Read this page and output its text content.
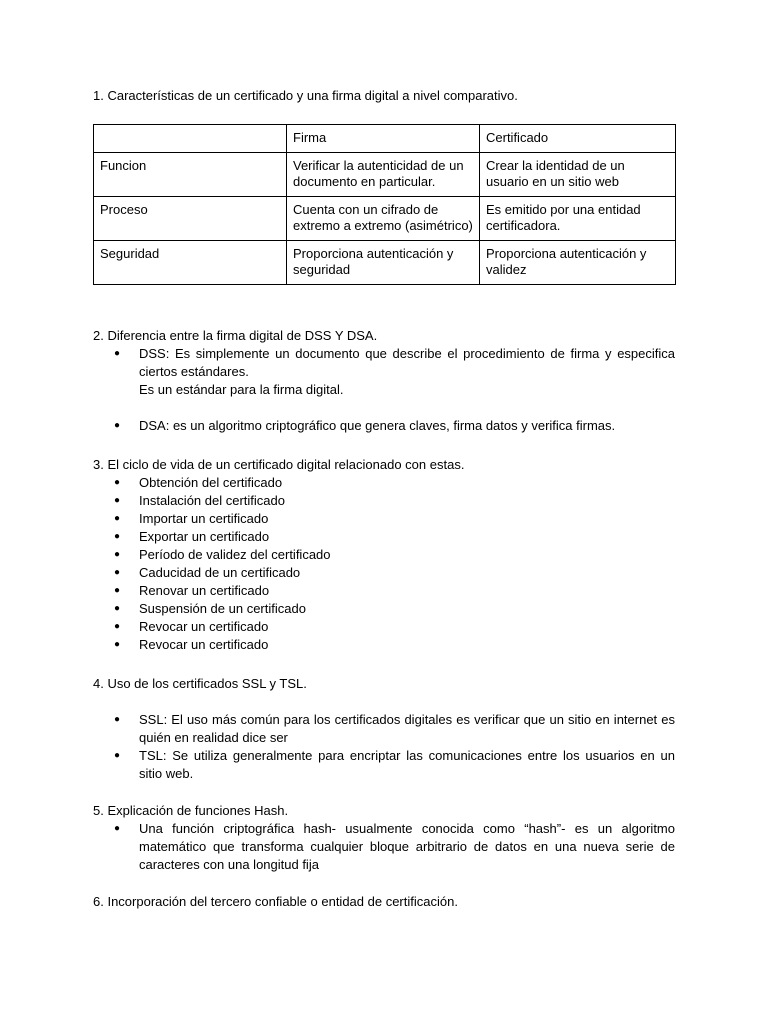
1. Características de un certificado y una firma digital a nivel comparativo.

	Firma	Certificado
Funcion	Verificar la autenticidad de un documento en particular.	Crear la identidad de un usuario en un sitio web
Proceso	Cuenta con un cifrado de extremo a extremo (asimétrico)	Es emitido por una entidad certificadora.
Seguridad	Proporciona autenticación y seguridad	Proporciona autenticación y validez

2. Diferencia entre la firma digital de DSS Y DSA.

● DSS: Es simplemente un documento que describe el procedimiento de firma y especifica ciertos estándares.
Es un estándar para la firma digital.
● DSA: es un algoritmo criptográfico que genera claves, firma datos y verifica firmas.

3. El ciclo de vida de un certificado digital relacionado con estas.

● Obtención del certificado
● Instalación del certificado
● Importar un certificado
● Exportar un certificado
● Período de validez del certificado
● Caducidad de un certificado
● Renovar un certificado
● Suspensión de un certificado
● Revocar un certificado
● Revocar un certificado

4. Uso de los certificados SSL y TSL.

● SSL: El uso más común para los certificados digitales es verificar que un sitio en internet es quién en realidad dice ser
● TSL: Se utiliza generalmente para encriptar las comunicaciones entre los usuarios en un sitio web.

5. Explicación de funciones Hash.

● Una función criptográfica hash- usualmente conocida como “hash”- es un algoritmo matemático que transforma cualquier bloque arbitrario de datos en una nueva serie de caracteres con una longitud fija

6. Incorporación del tercero confiable o entidad de certificación.
